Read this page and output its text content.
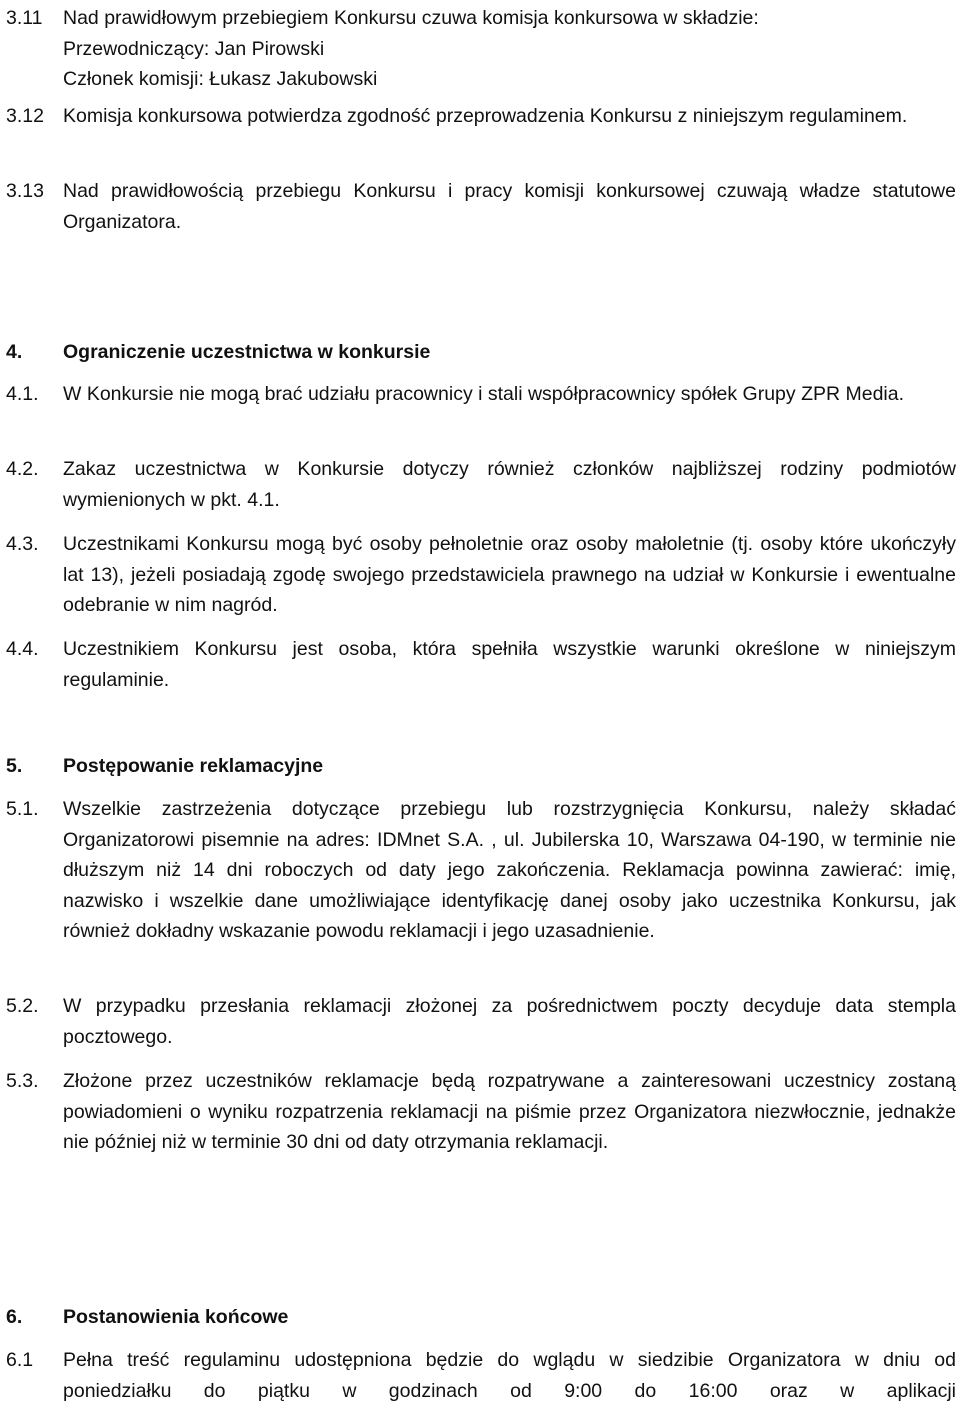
3.11 Nad prawidłowym przebiegiem Konkursu czuwa komisja konkursowa w składzie:
Przewodniczący: Jan Pirowski
Członek komisji: Łukasz Jakubowski
3.12 Komisja konkursowa potwierdza zgodność przeprowadzenia Konkursu z niniejszym regulaminem.
3.13 Nad prawidłowością przebiegu Konkursu i pracy komisji konkursowej czuwają władze statutowe Organizatora.
4. Ograniczenie uczestnictwa w konkursie
4.1. W Konkursie nie mogą brać udziału pracownicy i stali współpracownicy spółek Grupy ZPR Media.
4.2. Zakaz uczestnictwa w Konkursie dotyczy również członków najbliższej rodziny podmiotów wymienionych w pkt. 4.1.
4.3. Uczestnikami Konkursu mogą być osoby pełnoletnie oraz osoby małoletnie (tj. osoby które ukończyły lat 13), jeżeli posiadają zgodę swojego przedstawiciela prawnego na udział w Konkursie i ewentualne odebranie w nim nagród.
4.4. Uczestnikiem Konkursu jest osoba, która spełniła wszystkie warunki określone w niniejszym regulaminie.
5. Postępowanie reklamacyjne
5.1. Wszelkie zastrzeżenia dotyczące przebiegu lub rozstrzygnięcia Konkursu, należy składać Organizatorowi pisemnie na adres: IDMnet S.A. , ul. Jubilerska 10, Warszawa 04-190, w terminie nie dłuższym niż 14 dni roboczych od daty jego zakończenia. Reklamacja powinna zawierać: imię, nazwisko i wszelkie dane umożliwiające identyfikację danej osoby jako uczestnika Konkursu, jak również dokładny wskazanie powodu reklamacji i jego uzasadnienie.
5.2. W przypadku przesłania reklamacji złożonej za pośrednictwem poczty decyduje data stempla pocztowego.
5.3. Złożone przez uczestników reklamacje będą rozpatrywane a zainteresowani uczestnicy zostaną powiadomieni o wyniku rozpatrzenia reklamacji na piśmie przez Organizatora niezwłocznie, jednakże nie później niż w terminie 30 dni od daty otrzymania reklamacji.
6. Postanowienia końcowe
6.1 Pełna treść regulaminu udostępniona będzie do wglądu w siedzibie Organizatora w dniu od poniedziałku do piątku w godzinach od 9:00 do 16:00 oraz w aplikacji
